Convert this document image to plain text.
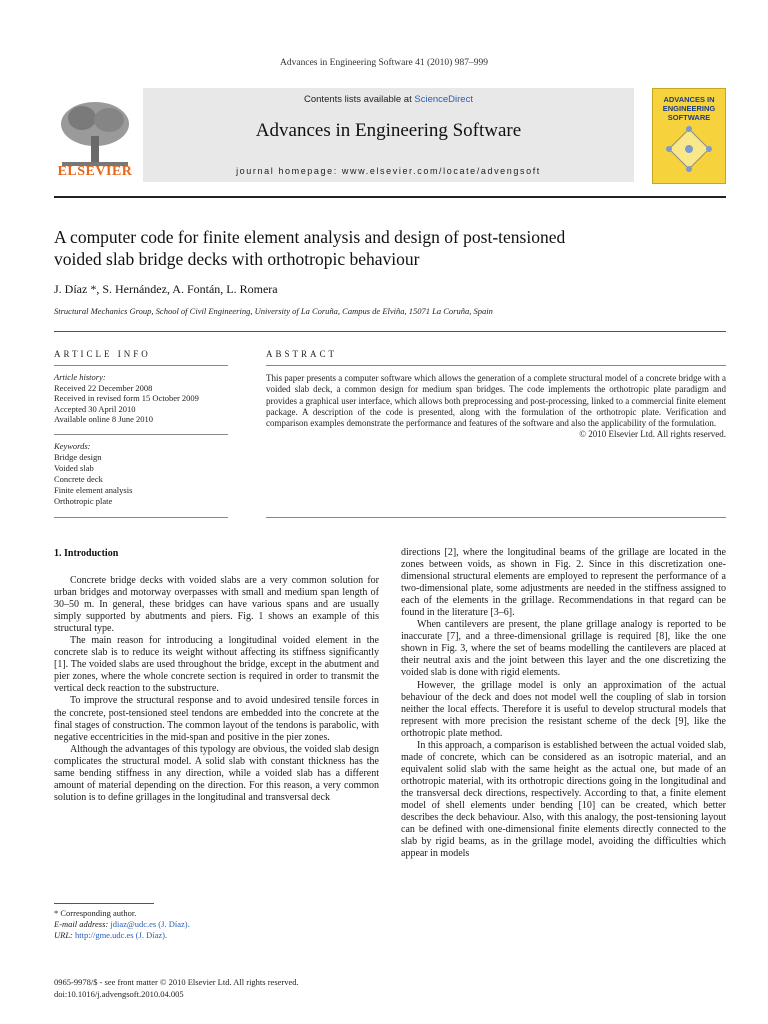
Advances in Engineering Software 41 (2010) 987–999
ELSEVIER
Contents lists available at ScienceDirect
Advances in Engineering Software
journal homepage: www.elsevier.com/locate/advengsoft
ADVANCES IN ENGINEERING SOFTWARE
A computer code for finite element analysis and design of post-tensioned
voided slab bridge decks with orthotropic behaviour
J. Díaz *, S. Hernández, A. Fontán, L. Romera
Structural Mechanics Group, School of Civil Engineering, University of La Coruña, Campus de Elviña, 15071 La Coruña, Spain
ARTICLE INFO	ABSTRACT
Article history:
Received 22 December 2008
Received in revised form 15 October 2009
Accepted 30 April 2010
Available online 8 June 2010
Keywords:
Bridge design
Voided slab
Concrete deck
Finite element analysis
Orthotropic plate
This paper presents a computer software which allows the generation of a complete structural model of a concrete bridge with a voided slab deck, a common design for medium span bridges. The code implements the orthotropic plate paradigm and provides a graphical user interface, which allows both preprocessing and post-processing, linked to a commercial finite element package. A description of the code is presented, along with the formulation of the orthotropic plate. Verification and comparison examples demonstrate the performance and features of the software and also the applicability of the formulation.
© 2010 Elsevier Ltd. All rights reserved.
1. Introduction

Concrete bridge decks with voided slabs are a very common solution for urban bridges and motorway overpasses with small and medium span length of 30–50 m. In general, these bridges can have various spans and are usually simply supported by abutments and piers. Fig. 1 shows an example of this structural type.

The main reason for introducing a longitudinal voided element in the concrete slab is to reduce its weight without affecting its stiffness significantly [1]. The voided slabs are used throughout the bridge, except in the abutment and pier zones, where the whole concrete section is required in order to transmit the vertical deck reaction to the substructure.

To improve the structural response and to avoid undesired tensile forces in the concrete, post-tensioned steel tendons are embedded into the concrete at the final stages of construction. The common layout of the tendons is parabolic, with negative eccentricities in the mid-span and positive in the pier zones.

Although the advantages of this typology are obvious, the voided slab design complicates the structural model. A solid slab with constant thickness has the same bending stiffness in any direction, while a voided slab has a different amount of material depending on the direction. For this reason, a very common solution is to define grillages in the longitudinal and transversal deck

directions [2], where the longitudinal beams of the grillage are located in the zones between voids, as shown in Fig. 2. Since in this discretization one-dimensional structural elements are employed to represent the performance of a two-dimensional plate, some adjustments are needed in the stiffness assigned to each of the elements in the grillage. Recommendations in that regard can be found in the literature [3–6].

When cantilevers are present, the plane grillage analogy is reported to be inaccurate [7], and a three-dimensional grillage is required [8], like the one shown in Fig. 3, where the set of beams modelling the cantilevers are placed at their neutral axis and the joint between this layer and the one discretizing the voided slab is done with rigid elements.

However, the grillage model is only an approximation of the actual behaviour of the deck and does not model well the coupling of slab in torsion neither the local effects. Therefore it is useful to develop structural models that represent with more precision the resistant scheme of the deck [9], like the orthotropic plate method.

In this approach, a comparison is established between the actual voided slab, made of concrete, which can be considered as an isotropic material, and an equivalent solid slab with the same height as the actual one, but made of an orthotropic material, with its orthotropic directions going in the longitudinal and the transversal deck directions, respectively. According to that, a finite element model of shell elements under bending [10] can be created, which better describes the deck behaviour. Also, with this analogy, the post-tensioning layout can be defined with one-dimensional finite elements directly connected to the slab by rigid beams, as in the grillage model, avoiding the difficulties which appear in models

* Corresponding author.
E-mail address: jdiaz@udc.es (J. Díaz).
URL: http://gme.udc.es (J. Díaz).
0965-9978/$ - see front matter © 2010 Elsevier Ltd. All rights reserved.
doi:10.1016/j.advengsoft.2010.04.005
